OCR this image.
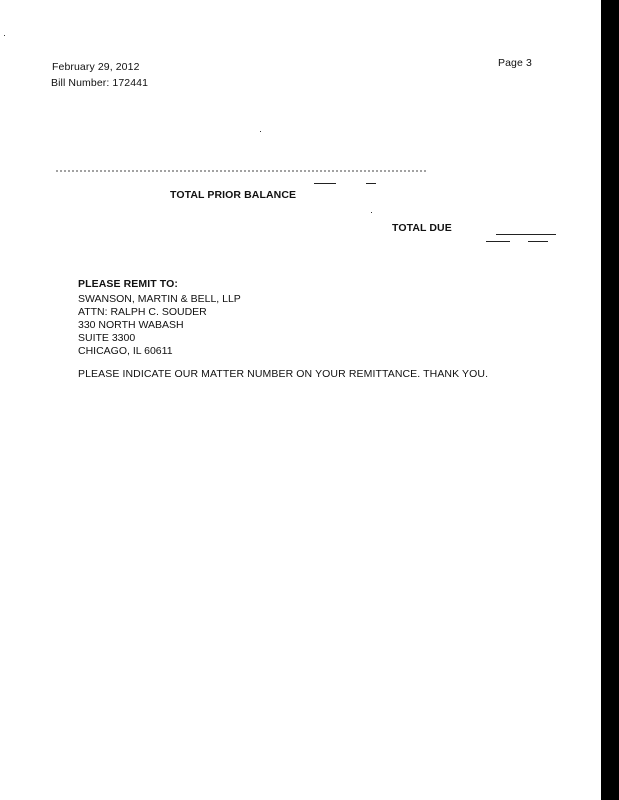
February 29, 2012
Bill Number: 172441
Page 3
TOTAL PRIOR BALANCE
TOTAL DUE
PLEASE REMIT TO:
SWANSON, MARTIN & BELL, LLP
ATTN: RALPH C. SOUDER
330 NORTH WABASH
SUITE 3300
CHICAGO, IL 60611
PLEASE INDICATE OUR MATTER NUMBER ON YOUR REMITTANCE. THANK YOU.
